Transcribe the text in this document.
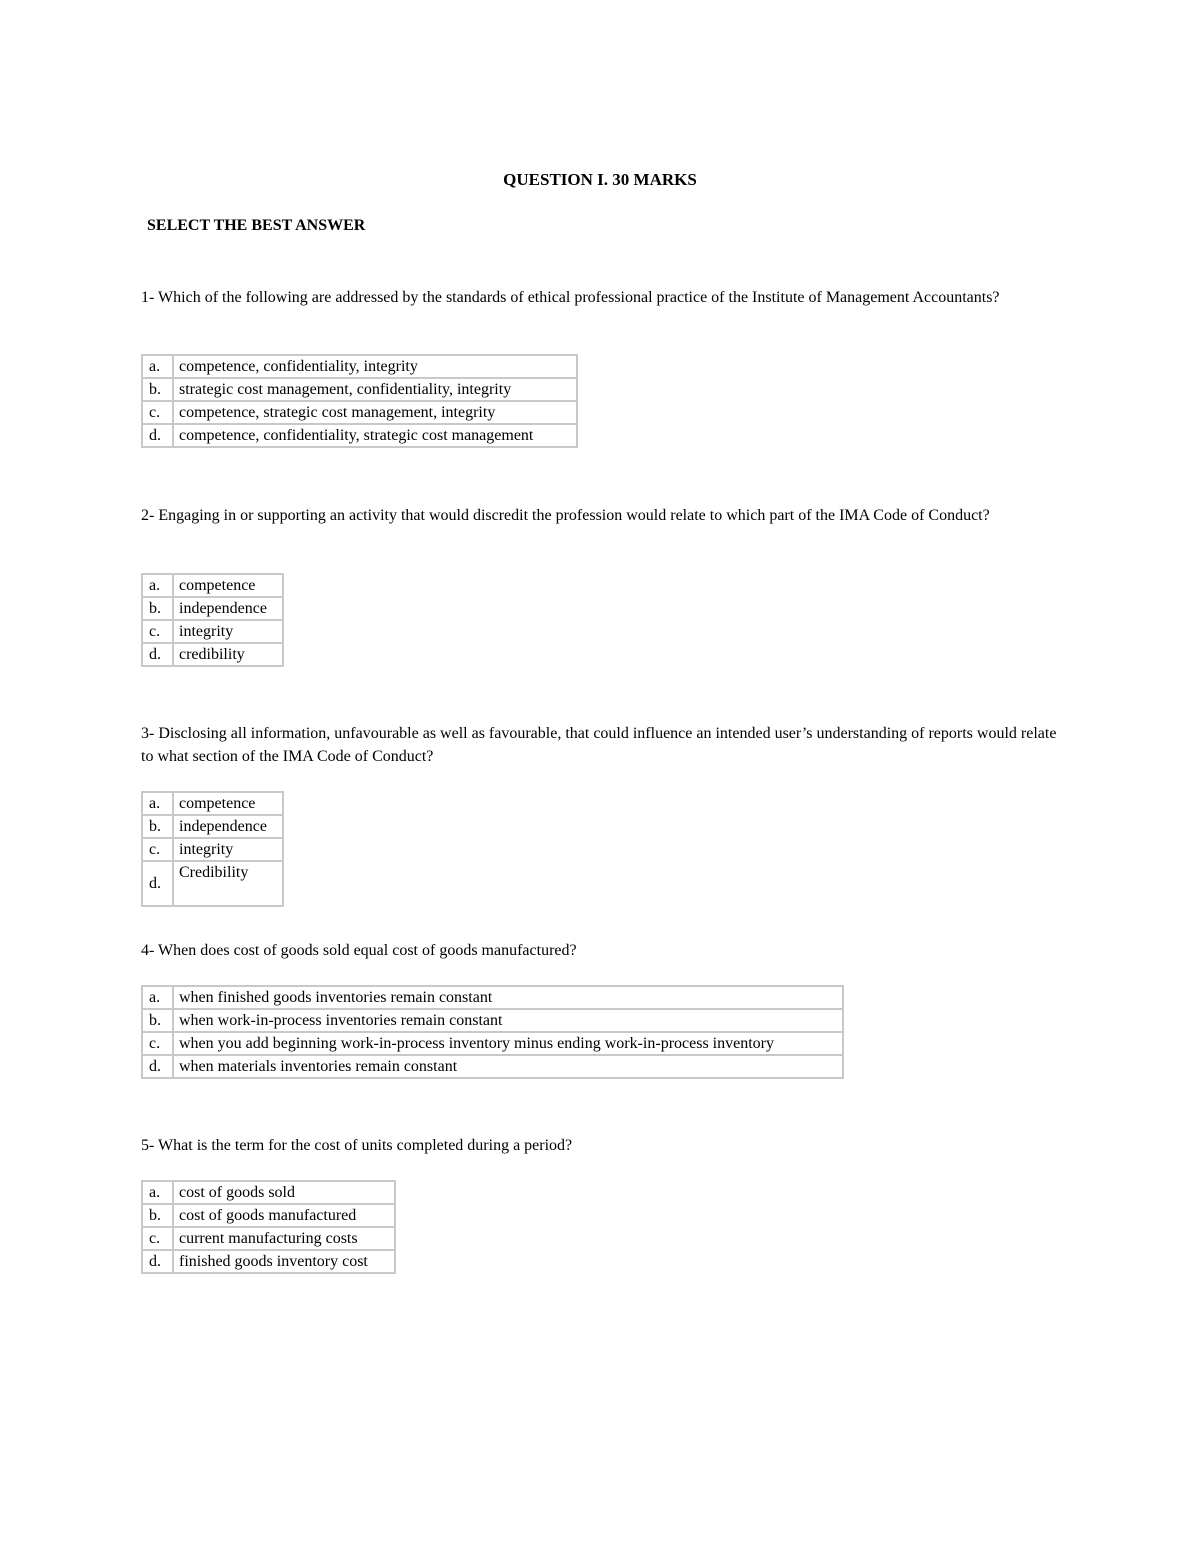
QUESTION I. 30 MARKS
SELECT THE BEST ANSWER
1- Which of the following are addressed by the standards of ethical professional practice of the Institute of Management Accountants?
a.	competence, confidentiality, integrity
b.	strategic cost management, confidentiality, integrity
c.	competence, strategic cost management, integrity
d.	competence, confidentiality, strategic cost management
2- Engaging in or supporting an activity that would discredit the profession would relate to which part of the IMA Code of Conduct?
a.	competence
b.	independence
c.	integrity
d.	credibility
3- Disclosing all information, unfavourable as well as favourable, that could influence an intended user’s understanding of reports would relate to what section of the IMA Code of Conduct?
a.	competence
b.	independence
c.	integrity
d.	Credibility
4- When does cost of goods sold equal cost of goods manufactured?
a.	when finished goods inventories remain constant
b.	when work-in-process inventories remain constant
c.	when you add beginning work-in-process inventory minus ending work-in-process inventory
d.	when materials inventories remain constant
5- What is the term for the cost of units completed during a period?
a.	cost of goods sold
b.	cost of goods manufactured
c.	current manufacturing costs
d.	finished goods inventory cost
